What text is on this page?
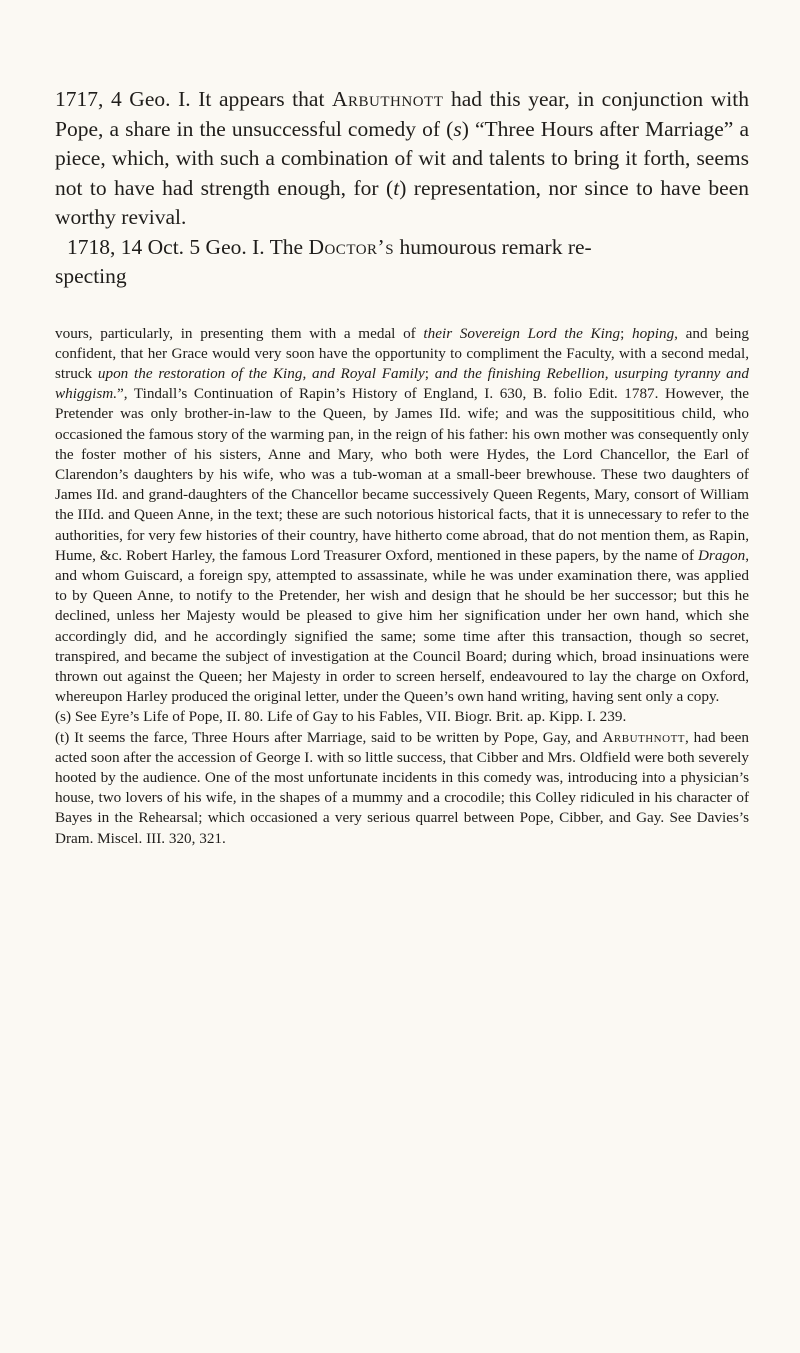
1717, 4 Geo. I. It appears that Arbuthnott had this year, in conjunction with Pope, a share in the unsuccessful comedy of (s) “Three Hours after Marriage” a piece, which, with such a combination of wit and talents to bring it forth, seems not to have had strength enough, for (t) representation, nor since to have been worthy revival.

1718, 14 Oct. 5 Geo. I. The Doctor’s humourous remark re-

specting

vours, particularly, in presenting them with a medal of their Sovereign Lord the King; hoping, and being confident, that her Grace would very soon have the opportunity to compliment the Faculty, with a second medal, struck upon the restoration of the King, and Royal Family; and the finishing Rebellion, usurping tyranny and whiggism.”, Tindall’s Continuation of Rapin’s History of England, I. 630, B. folio Edit. 1787. However, the Pretender was only brother-in-law to the Queen, by James IId. wife; and was the supposititious child, who occasioned the famous story of the warming pan, in the reign of his father: his own mother was consequently only the foster mother of his sisters, Anne and Mary, who both were Hydes, the Lord Chancellor, the Earl of Clarendon’s daughters by his wife, who was a tub-woman at a small-beer brewhouse. These two daughters of James IId. and grand-daughters of the Chancellor became successively Queen Regents, Mary, consort of William the IIId. and Queen Anne, in the text; these are such notorious historical facts, that it is unnecessary to refer to the authorities, for very few histories of their country, have hitherto come abroad, that do not mention them, as Rapin, Hume, &c. Robert Harley, the famous Lord Treasurer Oxford, mentioned in these papers, by the name of Dragon, and whom Guiscard, a foreign spy, attempted to assassinate, while he was under examination there, was applied to by Queen Anne, to notify to the Pretender, her wish and design that he should be her successor; but this he declined, unless her Majesty would be pleased to give him her signification under her own hand, which she accordingly did, and he accordingly signified the same; some time after this transaction, though so secret, transpired, and became the subject of investigation at the Council Board; during which, broad insinuations were thrown out against the Queen; her Majesty in order to screen herself, endeavoured to lay the charge on Oxford, whereupon Harley produced the original letter, under the Queen’s own hand writing, having sent only a copy.

(s) See Eyre’s Life of Pope, II. 80. Life of Gay to his Fables, VII. Biogr. Brit. ap. Kipp. I. 239.

(t) It seems the farce, Three Hours after Marriage, said to be written by Pope, Gay, and Arbuthnott, had been acted soon after the accession of George I. with so little success, that Cibber and Mrs. Oldfield were both severely hooted by the audience. One of the most unfortunate incidents in this comedy was, introducing into a physician’s house, two lovers of his wife, in the shapes of a mummy and a crocodile; this Colley ridiculed in his character of Bayes in the Rehearsal; which occasioned a very serious quarrel between Pope, Cibber, and Gay. See Davies’s Dram. Miscel. III. 320, 321.
